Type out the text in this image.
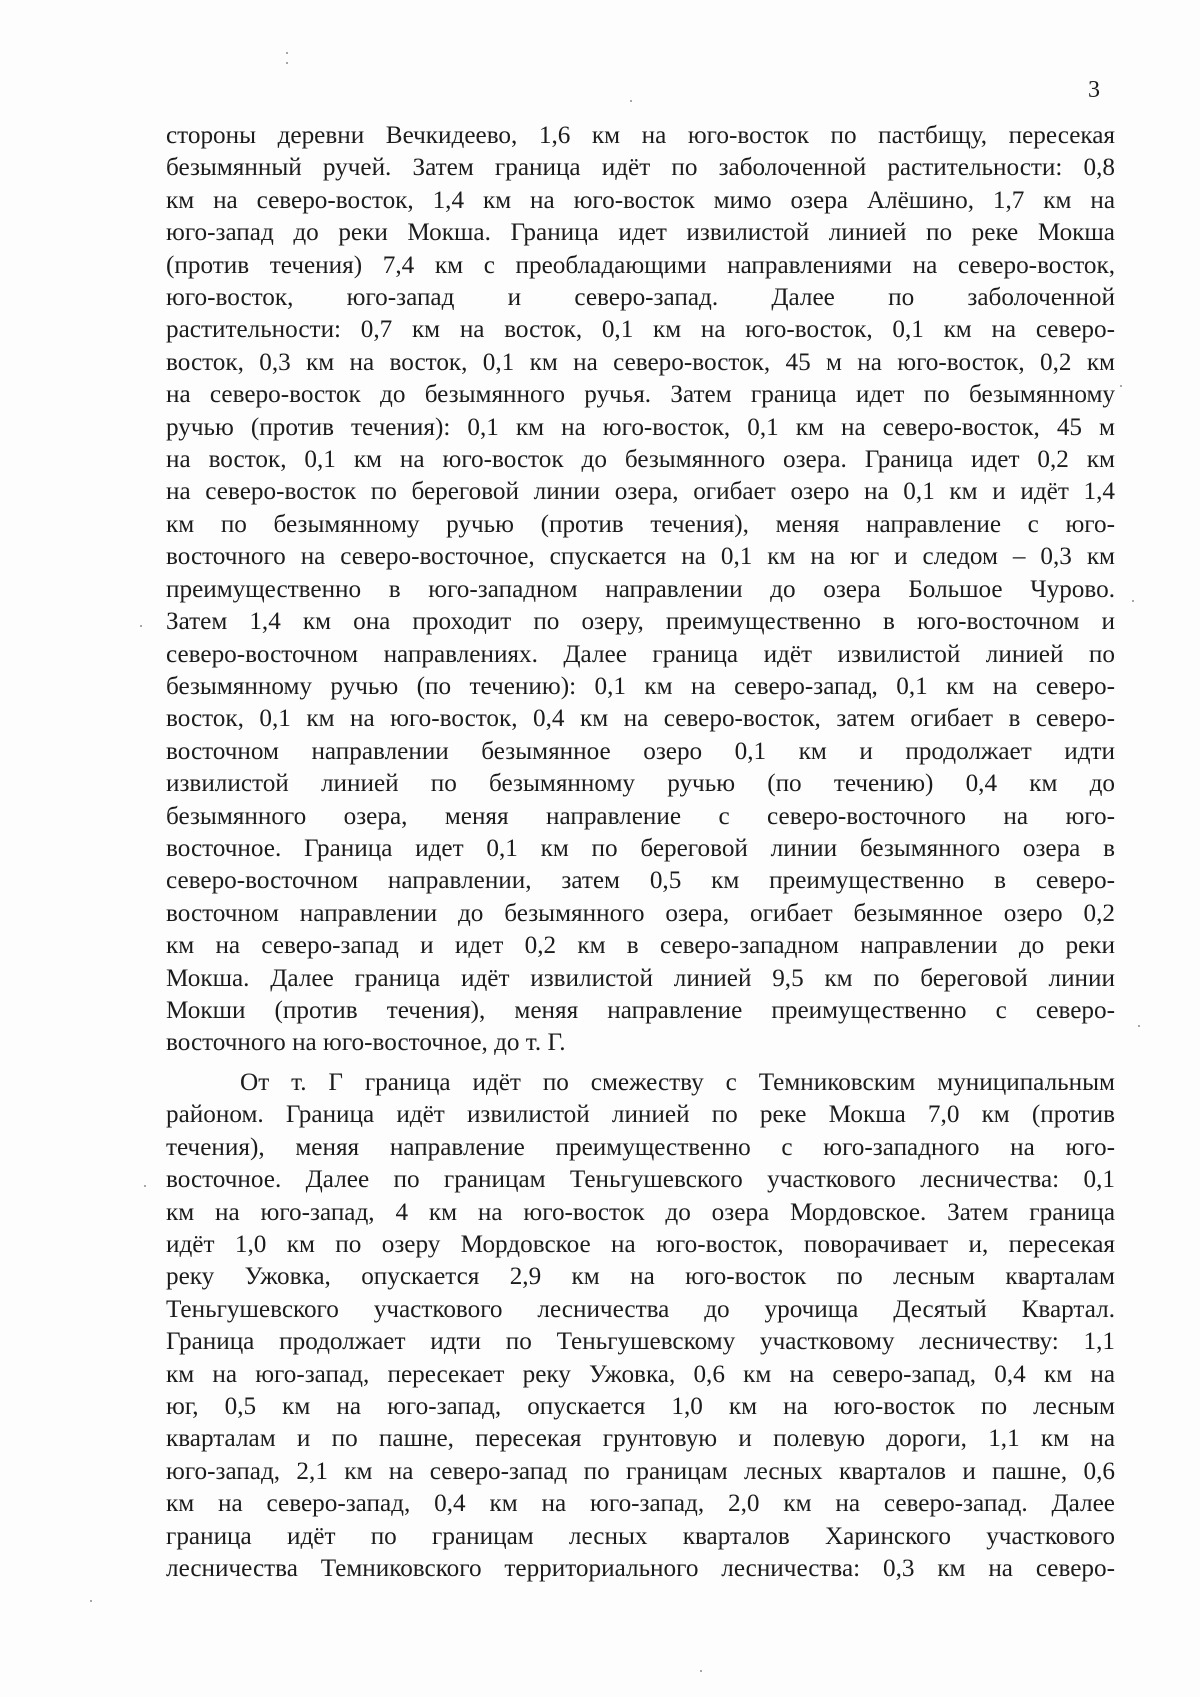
3
стороны деревни Вечкидеево, 1,6 км на юго-восток по пастбищу, пересекая
безымянный ручей. Затем граница идёт по заболоченной растительности: 0,8
км на северо-восток, 1,4 км на юго-восток мимо озера Алёшино, 1,7 км на
юго-запад до реки Мокша. Граница идет извилистой линией по реке Мокша
(против течения) 7,4 км с преобладающими направлениями на северо-восток,
юго-восток, юго-запад и северо-запад. Далее по заболоченной
растительности: 0,7 км на восток, 0,1 км на юго-восток, 0,1 км на северо-
восток, 0,3 км на восток, 0,1 км на северо-восток, 45 м на юго-восток, 0,2 км
на северо-восток до безымянного ручья. Затем граница идет по безымянному
ручью (против течения): 0,1 км на юго-восток, 0,1 км на северо-восток, 45 м
на восток, 0,1 км на юго-восток до безымянного озера. Граница идет 0,2 км
на северо-восток по береговой линии озера, огибает озеро на 0,1 км и идёт 1,4
км по безымянному ручью (против течения), меняя направление с юго-
восточного на северо-восточное, спускается на 0,1 км на юг и следом – 0,3 км
преимущественно в юго-западном направлении до озера Большое Чурово.
Затем 1,4 км она проходит по озеру, преимущественно в юго-восточном и
северо-восточном направлениях. Далее граница идёт извилистой линией по
безымянному ручью (по течению): 0,1 км на северо-запад, 0,1 км на северо-
восток, 0,1 км на юго-восток, 0,4 км на северо-восток, затем огибает в северо-
восточном направлении безымянное озеро 0,1 км и продолжает идти
извилистой линией по безымянному ручью (по течению) 0,4 км до
безымянного озера, меняя направление с северо-восточного на юго-
восточное. Граница идет 0,1 км по береговой линии безымянного озера в
северо-восточном направлении, затем 0,5 км преимущественно в северо-
восточном направлении до безымянного озера, огибает безымянное озеро 0,2
км на северо-запад и идет 0,2 км в северо-западном направлении до реки
Мокша. Далее граница идёт извилистой линией 9,5 км по береговой линии
Мокши (против течения), меняя направление преимущественно с северо-
восточного на юго-восточное, до т. Г.
От т. Г граница идёт по смежеству с Темниковским муниципальным
районом. Граница идёт извилистой линией по реке Мокша 7,0 км (против
течения), меняя направление преимущественно с юго-западного на юго-
восточное. Далее по границам Теньгушевского участкового лесничества: 0,1
км на юго-запад, 4 км на юго-восток до озера Мордовское. Затем граница
идёт 1,0 км по озеру Мордовское на юго-восток, поворачивает и, пересекая
реку Ужовка, опускается 2,9 км на юго-восток по лесным кварталам
Теньгушевского участкового лесничества до урочища Десятый Квартал.
Граница продолжает идти по Теньгушевскому участковому лесничеству: 1,1
км на юго-запад, пересекает реку Ужовка, 0,6 км на северо-запад, 0,4 км на
юг, 0,5 км на юго-запад, опускается 1,0 км на юго-восток по лесным
кварталам и по пашне, пересекая грунтовую и полевую дороги, 1,1 км на
юго-запад, 2,1 км на северо-запад по границам лесных кварталов и пашне, 0,6
км на северо-запад, 0,4 км на юго-запад, 2,0 км на северо-запад. Далее
граница идёт по границам лесных кварталов Харинского участкового
лесничества Темниковского территориального лесничества: 0,3 км на северо-
